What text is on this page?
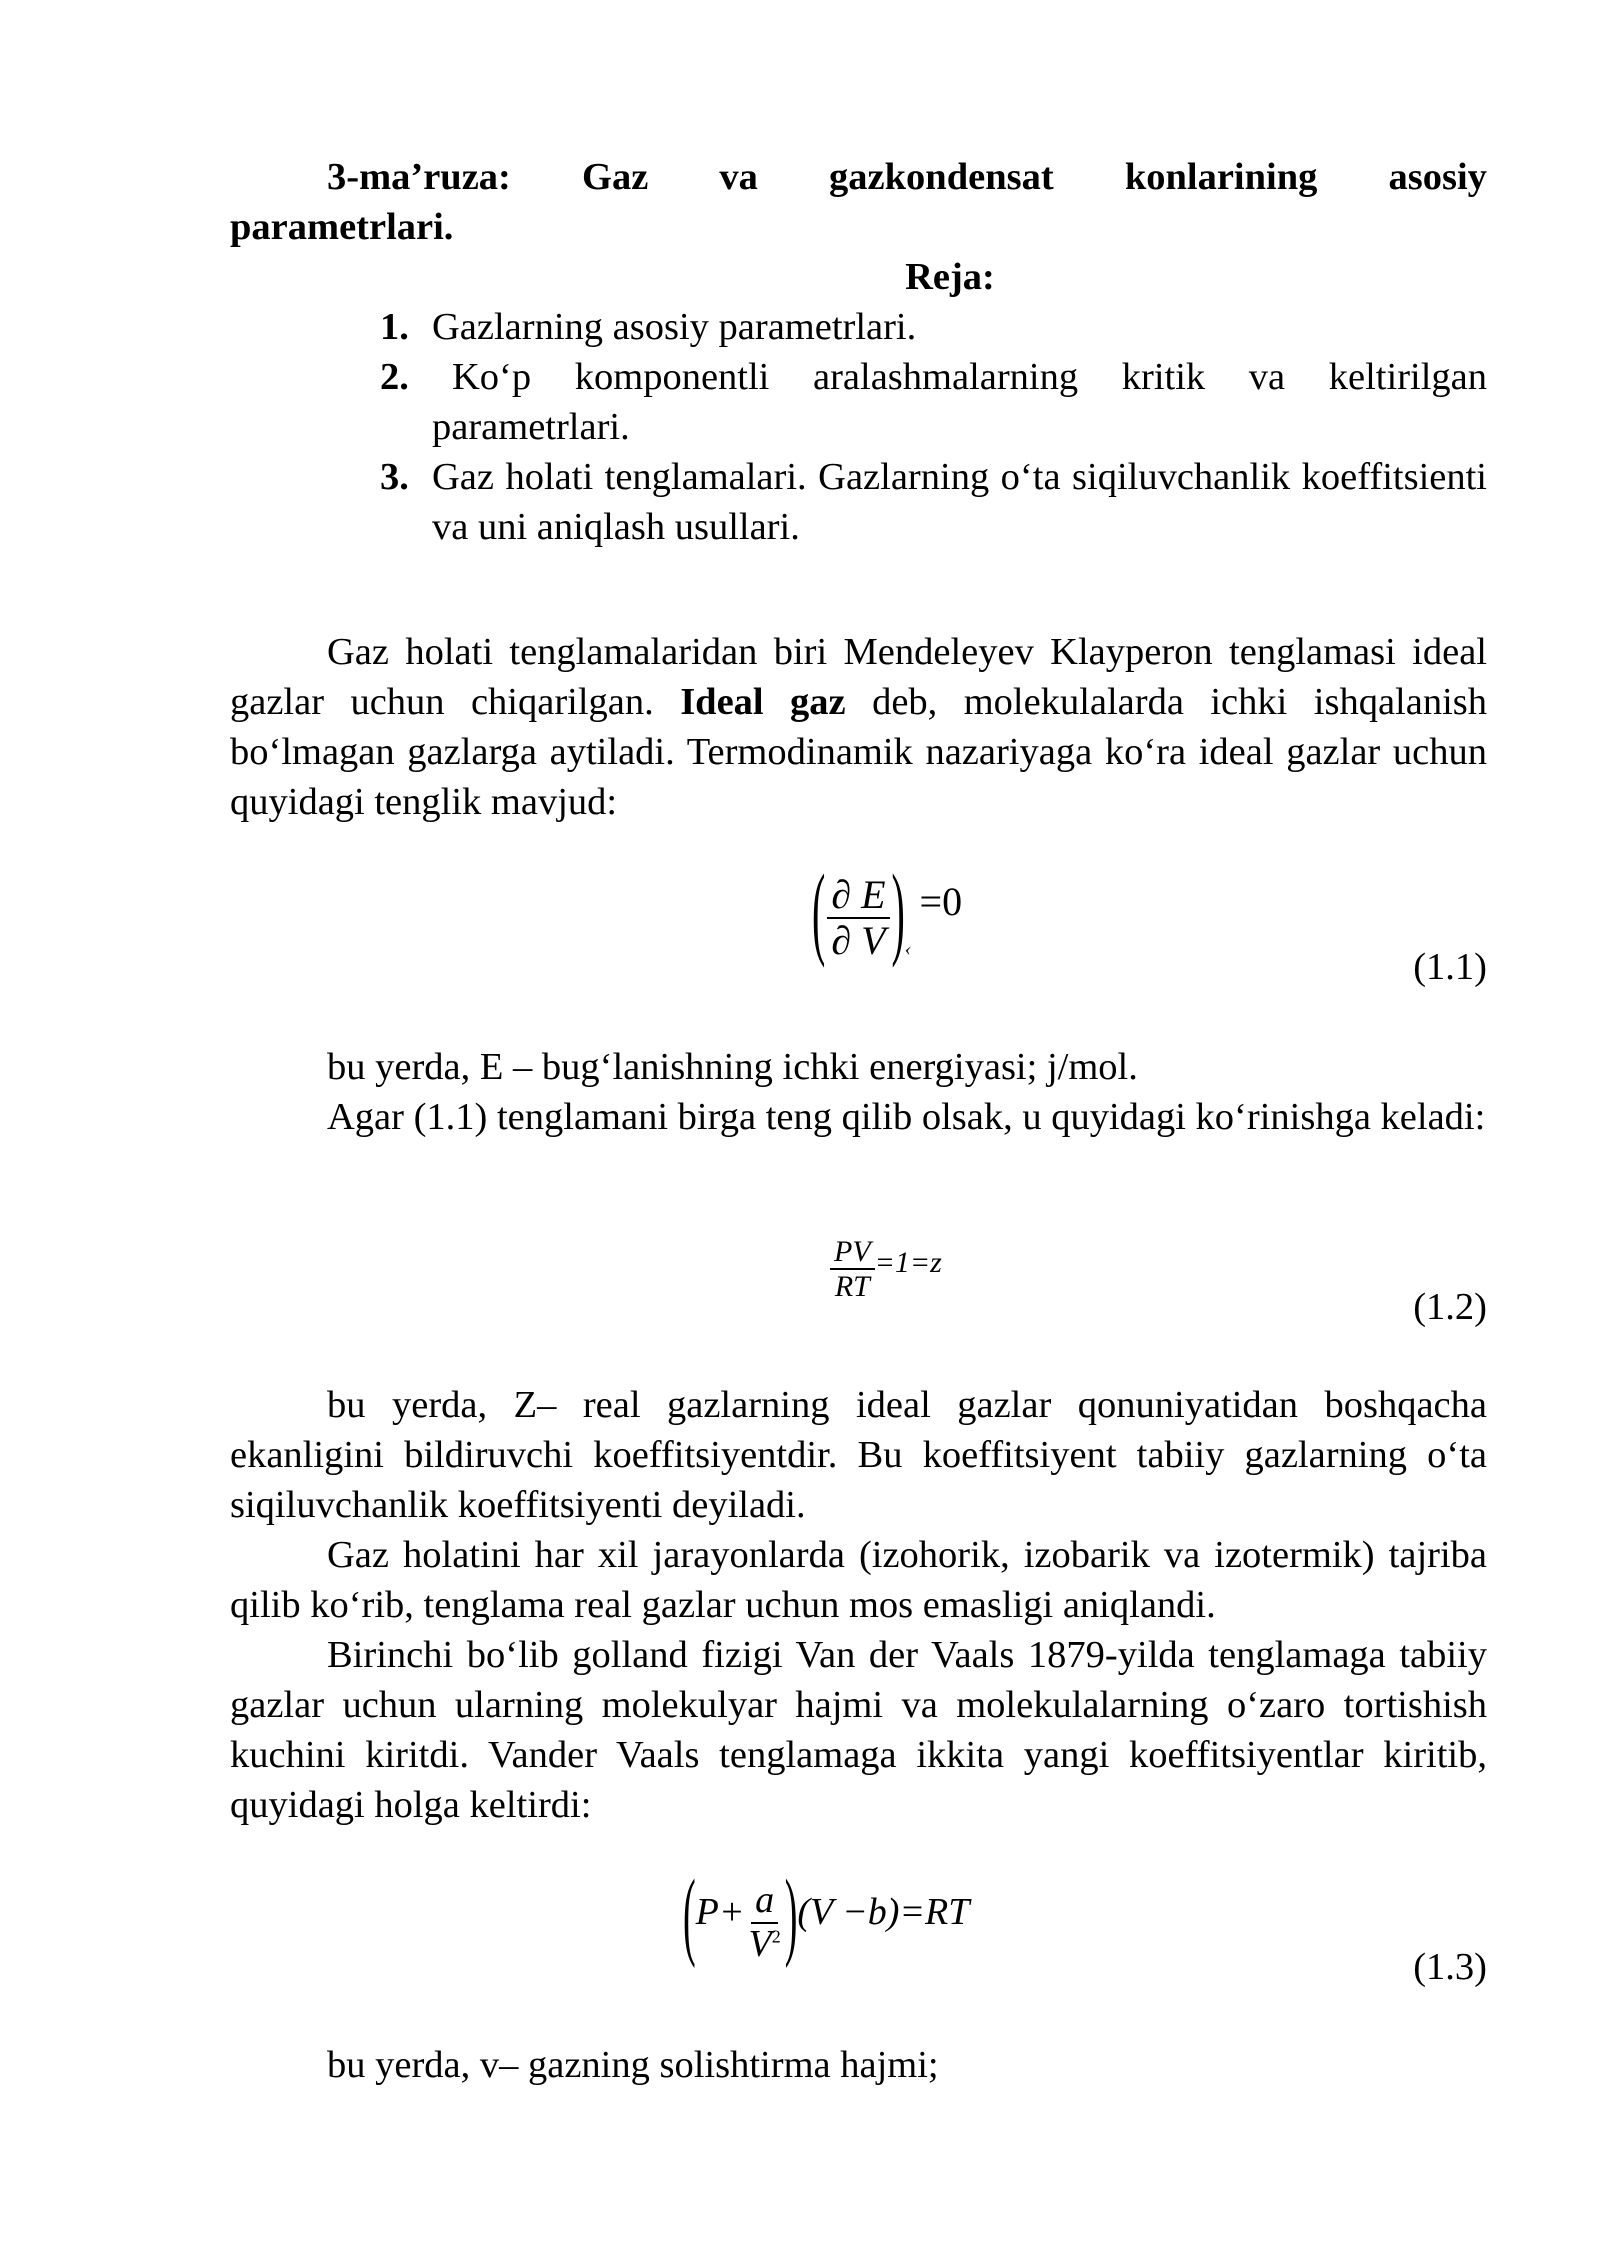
3-ma’ruza: Gaz va gazkondensat konlarining asosiy
parametrlari.
Reja:
1. Gazlarning asosiy parametrlari.
2. Ko‘p komponentli aralashmalarning kritik va keltirilgan parametrlari.
3. Gaz holati tenglamalari. Gazlarning o‘ta siqiluvchanlik koeffitsienti va uni aniqlash usullari.
Gaz holati tenglamalaridan biri Mendeleyev Klayperon tenglamasi ideal gazlar uchun chiqarilgan. Ideal gaz deb, molekulalarda ichki ishqalanish bo‘lmagan gazlarga aytiladi. Termodinamik nazariyaga ko‘ra ideal gazlar uchun quyidagi tenglik mavjud:
( $\frac{\partial E}{\partial V} )_‹=0$
(1.1)
bu yerda, E – bug‘lanishning ichki energiyasi; j/mol.
Agar (1.1) tenglamani birga teng qilib olsak, u quyidagi ko‘rinishga keladi:
$\frac{PV}{RT} =1=z$
(1.2)
bu yerda, Z– real gazlarning ideal gazlar qonuniyatidan boshqacha ekanligini bildiruvchi koeffitsiyentdir. Bu koeffitsiyent tabiiy gazlarning o‘ta siqiluvchanlik koeffitsiyenti deyiladi.
Gaz holatini har xil jarayonlarda (izohorik, izobarik va izotermik) tajriba qilib ko‘rib, tenglama real gazlar uchun mos emasligi aniqlandi.
Birinchi bo‘lib golland fizigi Van der Vaals 1879-yilda tenglamaga tabiiy gazlar uchun ularning molekulyar hajmi va molekulalarning o‘zaro tortishish kuchini kiritdi. Vander Vaals tenglamaga ikkita yangi koeffitsiyentlar kiritib, quyidagi holga keltirdi:
$(P+ \frac{a}{V^2} )(V -b)=RT$
(1.3)
bu yerda, v– gazning solishtirma hajmi;
